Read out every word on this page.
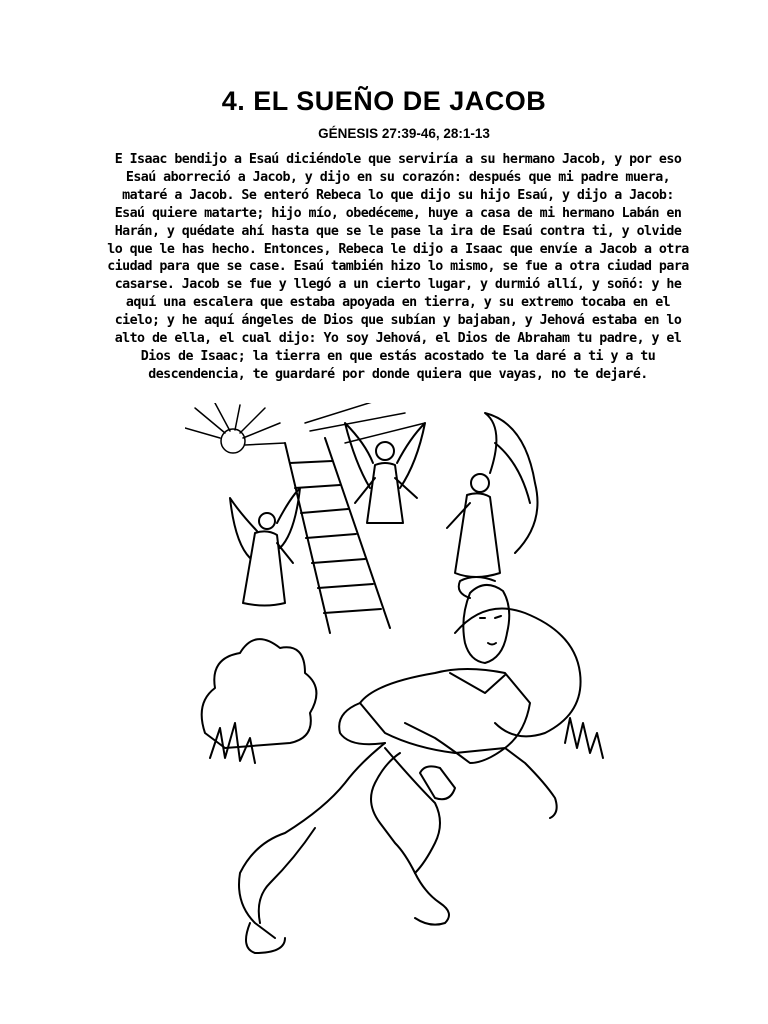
4. EL SUEÑO DE JACOB
GÉNESIS 27:39-46, 28:1-13

E Isaac bendijo a Esaú diciéndole que serviría a su hermano Jacob, y por eso Esaú aborreció a Jacob, y dijo en su corazón: después que mi padre muera, mataré a Jacob. Se enteró Rebeca lo que dijo su hijo Esaú, y dijo a Jacob: Esaú quiere matarte; hijo mío, obedéceme, huye a casa de mi hermano Labán en Harán, y quédate ahí hasta que se le pase la ira de Esaú contra ti, y olvide lo que le has hecho. Entonces, Rebeca le dijo a Isaac que envíe a Jacob a otra ciudad para que se case. Esaú también hizo lo mismo, se fue a otra ciudad para casarse. Jacob se fue y llegó a un cierto lugar, y durmió allí, y soñó: y he aquí una escalera que estaba apoyada en tierra, y su extremo tocaba en el cielo; y he aquí ángeles de Dios que subían y bajaban, y Jehová estaba en lo alto de ella, el cual dijo: Yo soy Jehová, el Dios de Abraham tu padre, y el Dios de Isaac; la tierra en que estás acostado te la daré a ti y a tu descendencia, te guardaré por donde quiera que vayas, no te dejaré.
